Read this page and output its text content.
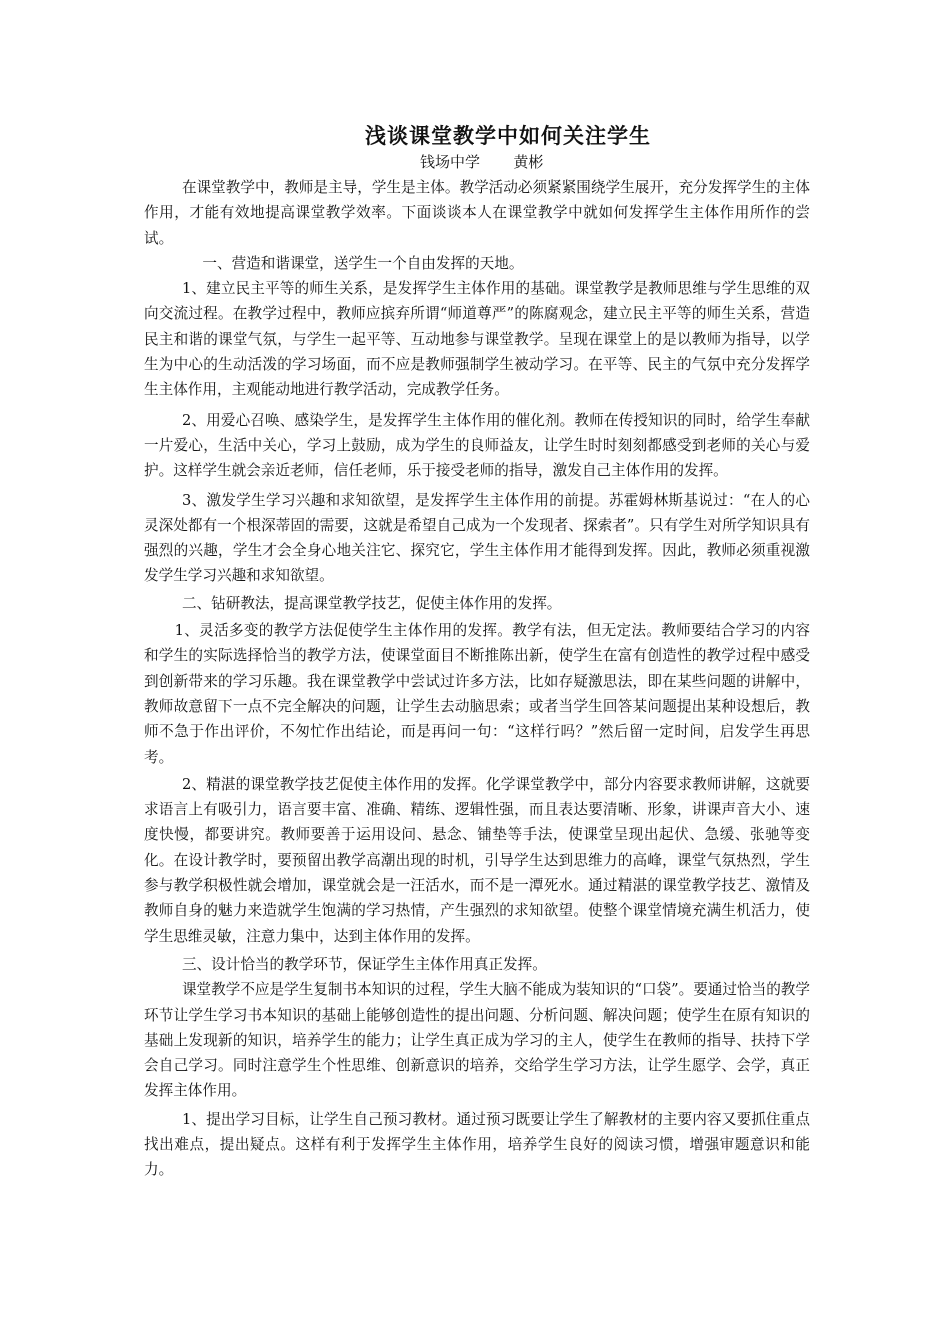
浅谈课堂教学中如何关注学生
钱场中学 黄彬

在课堂教学中，教师是主导，学生是主体。教学活动必须紧紧围绕学生展开，充分发挥学生的主体作用，才能有效地提高课堂教学效率。下面谈谈本人在课堂教学中就如何发挥学生主体作用所作的尝试。

一、营造和谐课堂，送学生一个自由发挥的天地。

1、建立民主平等的师生关系，是发挥学生主体作用的基础。课堂教学是教师思维与学生思维的双向交流过程。在教学过程中，教师应摈弃所谓“师道尊严”的陈腐观念，建立民主平等的师生关系，营造民主和谐的课堂气氛，与学生一起平等、互动地参与课堂教学。呈现在课堂上的是以教师为指导，以学生为中心的生动活泼的学习场面，而不应是教师强制学生被动学习。在平等、民主的气氛中充分发挥学生主体作用，主观能动地进行教学活动，完成教学任务。

2、用爱心召唤、感染学生，是发挥学生主体作用的催化剂。教师在传授知识的同时，给学生奉献一片爱心，生活中关心，学习上鼓励，成为学生的良师益友，让学生时时刻刻都感受到老师的关心与爱护。这样学生就会亲近老师，信任老师，乐于接受老师的指导，激发自己主体作用的发挥。

3、激发学生学习兴趣和求知欲望，是发挥学生主体作用的前提。苏霍姆林斯基说过：“在人的心灵深处都有一个根深蒂固的需要，这就是希望自己成为一个发现者、探索者”。只有学生对所学知识具有强烈的兴趣，学生才会全身心地关注它、探究它，学生主体作用才能得到发挥。因此，教师必须重视激发学生学习兴趣和求知欲望。

二、钻研教法，提高课堂教学技艺，促使主体作用的发挥。

1、灵活多变的教学方法促使学生主体作用的发挥。教学有法，但无定法。教师要结合学习的内容和学生的实际选择恰当的教学方法，使课堂面目不断推陈出新，使学生在富有创造性的教学过程中感受到创新带来的学习乐趣。我在课堂教学中尝试过许多方法，比如存疑激思法，即在某些问题的讲解中，教师故意留下一点不完全解决的问题，让学生去动脑思索；或者当学生回答某问题提出某种设想后，教师不急于作出评价，不匆忙作出结论，而是再问一句：“这样行吗？”然后留一定时间，启发学生再思考。

2、精湛的课堂教学技艺促使主体作用的发挥。化学课堂教学中，部分内容要求教师讲解，这就要求语言上有吸引力，语言要丰富、准确、精练、逻辑性强，而且表达要清晰、形象，讲课声音大小、速度快慢，都要讲究。教师要善于运用设问、悬念、铺垫等手法，使课堂呈现出起伏、急缓、张驰等变化。在设计教学时，要预留出教学高潮出现的时机，引导学生达到思维力的高峰，课堂气氛热烈，学生参与教学积极性就会增加，课堂就会是一汪活水，而不是一潭死水。通过精湛的课堂教学技艺、激情及教师自身的魅力来造就学生饱满的学习热情，产生强烈的求知欲望。使整个课堂情境充满生机活力，使学生思维灵敏，注意力集中，达到主体作用的发挥。

三、设计恰当的教学环节，保证学生主体作用真正发挥。

课堂教学不应是学生复制书本知识的过程，学生大脑不能成为装知识的“口袋”。要通过恰当的教学环节让学生学习书本知识的基础上能够创造性的提出问题、分析问题、解决问题；使学生在原有知识的基础上发现新的知识，培养学生的能力；让学生真正成为学习的主人，使学生在教师的指导、扶持下学会自己学习。同时注意学生个性思维、创新意识的培养，交给学生学习方法，让学生愿学、会学，真正发挥主体作用。

1、提出学习目标，让学生自己预习教材。通过预习既要让学生了解教材的主要内容又要抓住重点找出难点，提出疑点。这样有利于发挥学生主体作用，培养学生良好的阅读习惯，增强审题意识和能力。
